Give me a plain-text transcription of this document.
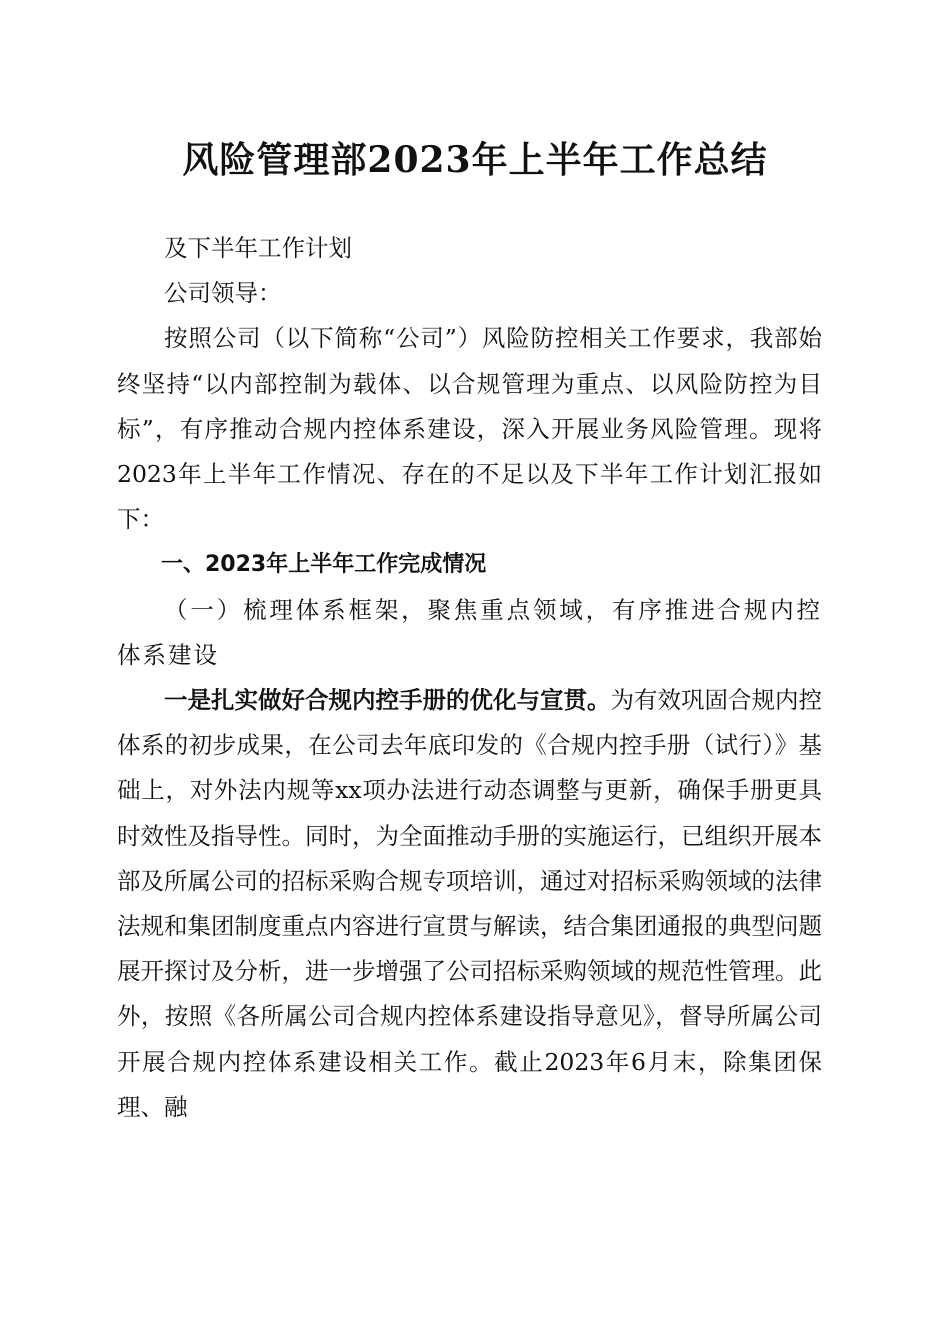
风险管理部2023年上半年工作总结

及下半年工作计划

公司领导：

按照公司（以下简称“公司”）风险防控相关工作要求，我部始终坚持“以内部控制为载体、以合规管理为重点、以风险防控为目标”，有序推动合规内控体系建设，深入开展业务风险管理。现将2023年上半年工作情况、存在的不足以及下半年工作计划汇报如下：

一、2023年上半年工作完成情况

（一）梳理体系框架，聚焦重点领域，有序推进合规内控体系建设

一是扎实做好合规内控手册的优化与宣贯。为有效巩固合规内控体系的初步成果，在公司去年底印发的《合规内控手册（试行）》基础上，对外法内规等xx项办法进行动态调整与更新，确保手册更具时效性及指导性。同时，为全面推动手册的实施运行，已组织开展本部及所属公司的招标采购合规专项培训，通过对招标采购领域的法律法规和集团制度重点内容进行宣贯与解读，结合集团通报的典型问题展开探讨及分析，进一步增强了公司招标采购领域的规范性管理。此外，按照《各所属公司合规内控体系建设指导意见》，督导所属公司开展合规内控体系建设相关工作。截止2023年6月末，除集团保理、融
